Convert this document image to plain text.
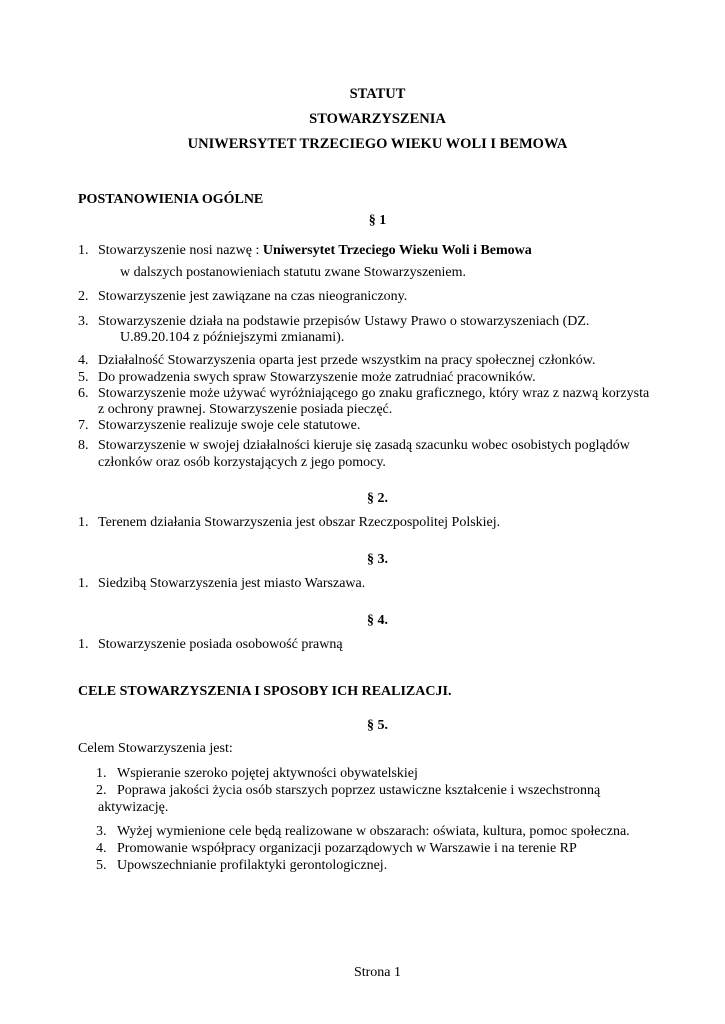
STATUT
STOWARZYSZENIA
UNIWERSYTET TRZECIEGO WIEKU WOLI I BEMOWA
POSTANOWIENIA OGÓLNE
§ 1
1. Stowarzyszenie nosi nazwę : Uniwersytet Trzeciego Wieku Woli i Bemowa
w dalszych postanowieniach statutu zwane Stowarzyszeniem.
2. Stowarzyszenie jest zawiązane na czas nieograniczony.
3. Stowarzyszenie działa na podstawie przepisów Ustawy Prawo o stowarzyszeniach (DZ.
U.89.20.104 z późniejszymi zmianami).
4. Działalność Stowarzyszenia oparta jest przede wszystkim na pracy społecznej członków.
5. Do prowadzenia swych spraw Stowarzyszenie może zatrudniać pracowników.
6. Stowarzyszenie może używać wyróżniającego go znaku graficznego, który wraz z nazwą korzysta
z ochrony prawnej. Stowarzyszenie posiada pieczęć.
7. Stowarzyszenie realizuje swoje cele statutowe.
8. Stowarzyszenie w swojej działalności kieruje się zasadą szacunku wobec osobistych poglądów
członków oraz osób korzystających z jego pomocy.
§ 2.
1. Terenem działania Stowarzyszenia jest obszar Rzeczpospolitej Polskiej.
§ 3.
1. Siedzibą Stowarzyszenia jest miasto Warszawa.
§ 4.
1. Stowarzyszenie posiada osobowość prawną
CELE STOWARZYSZENIA I SPOSOBY ICH REALIZACJI.
§ 5.
Celem Stowarzyszenia jest:
1. Wspieranie szeroko pojętej aktywności obywatelskiej
2. Poprawa jakości życia osób starszych poprzez ustawiczne kształcenie i wszechstronną
aktywizację.
3. Wyżej wymienione cele będą realizowane w obszarach: oświata, kultura, pomoc społeczna.
4. Promowanie współpracy organizacji pozarządowych w Warszawie i na terenie RP
5. Upowszechnianie profilaktyki gerontologicznej.
Strona 1
